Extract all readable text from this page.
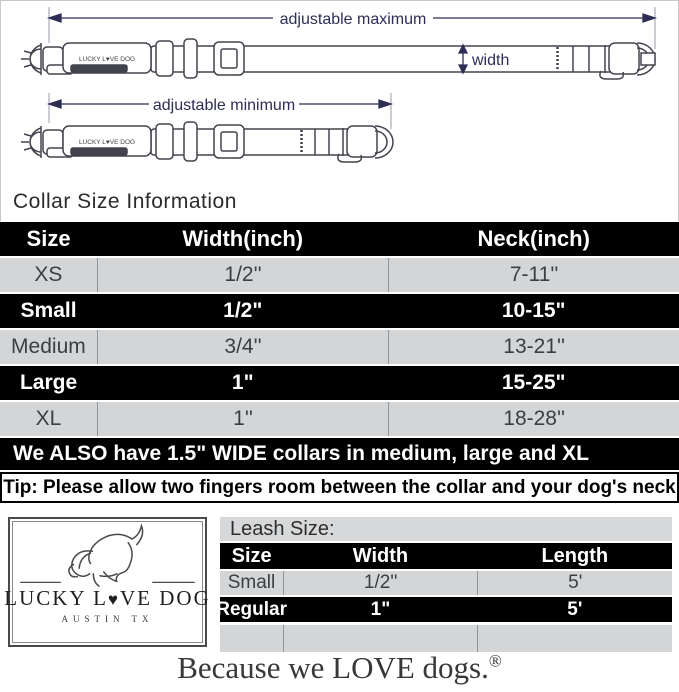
adjustable maximum
LUCKY L♥VE DOG	width
adjustable minimum
LUCKY L♥VE DOG
Collar Size Information
Size	Width(inch)	Neck(inch)
XS	1/2''	7-11''
Small	1/2"	10-15"
Medium	3/4''	13-21''
Large	1"	15-25"
XL	1''	18-28''
We ALSO have 1.5" WIDE collars in medium, large and XL
Tip: Please allow two fingers room between the collar and your dog's neck
LUCKY L♥VE DOG
AUSTIN TX
Leash Size:
Size	Width	Length
Small	1/2''	5'
Regular	1"	5'
Because we LOVE dogs.®
